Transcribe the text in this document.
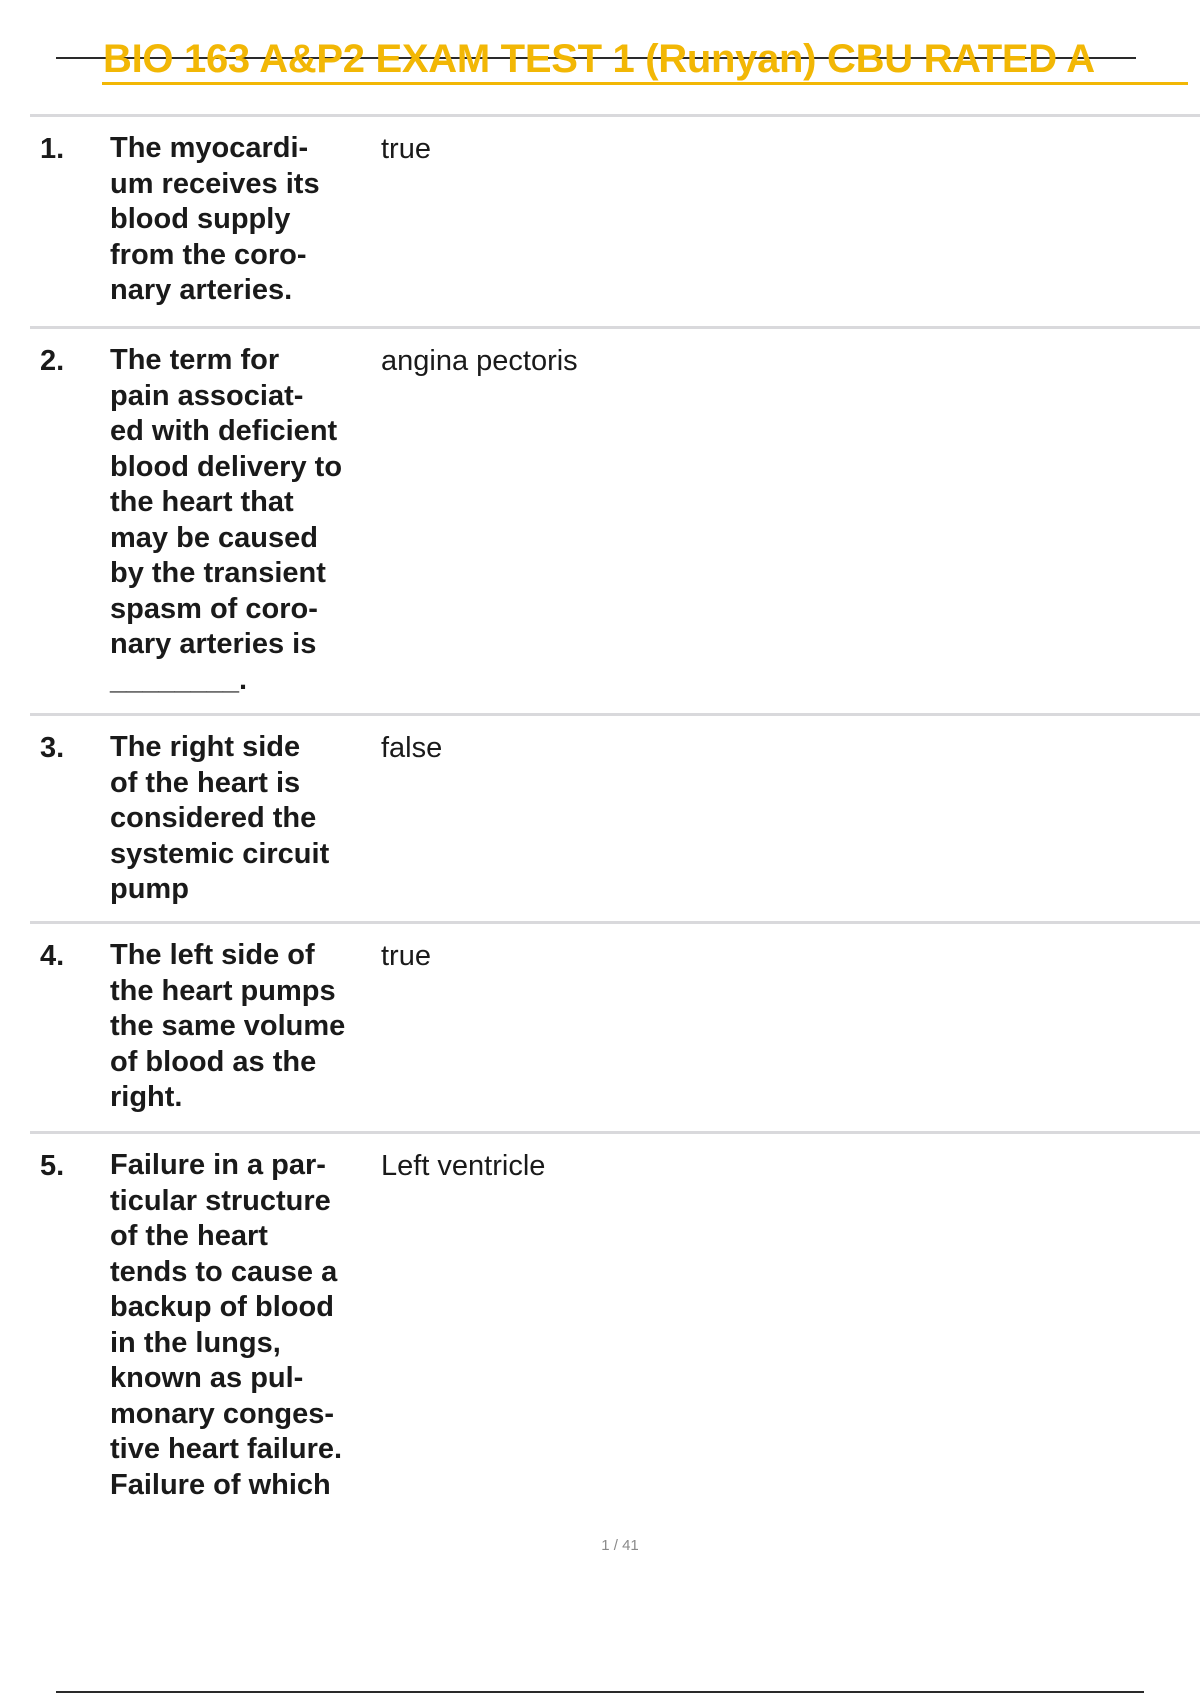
BIO 163 A&P2 EXAM TEST 1 (Runyan) CBU RATED A
1. The myocardi-
um receives its
blood supply
from the coro-
nary arteries.
true
2. The term for
pain associat-
ed with deficient
blood delivery to
the heart that
may be caused
by the transient
spasm of coro-
nary arteries is
________.
angina pectoris
3. The right side
of the heart is
considered the
systemic circuit
pump
false
4. The left side of
the heart pumps
the same volume
of blood as the
right.
true
5. Failure in a par-
ticular structure
of the heart
tends to cause a
backup of blood
in the lungs,
known as pul-
monary conges-
tive heart failure.
Failure of which
Left ventricle
1 / 41
